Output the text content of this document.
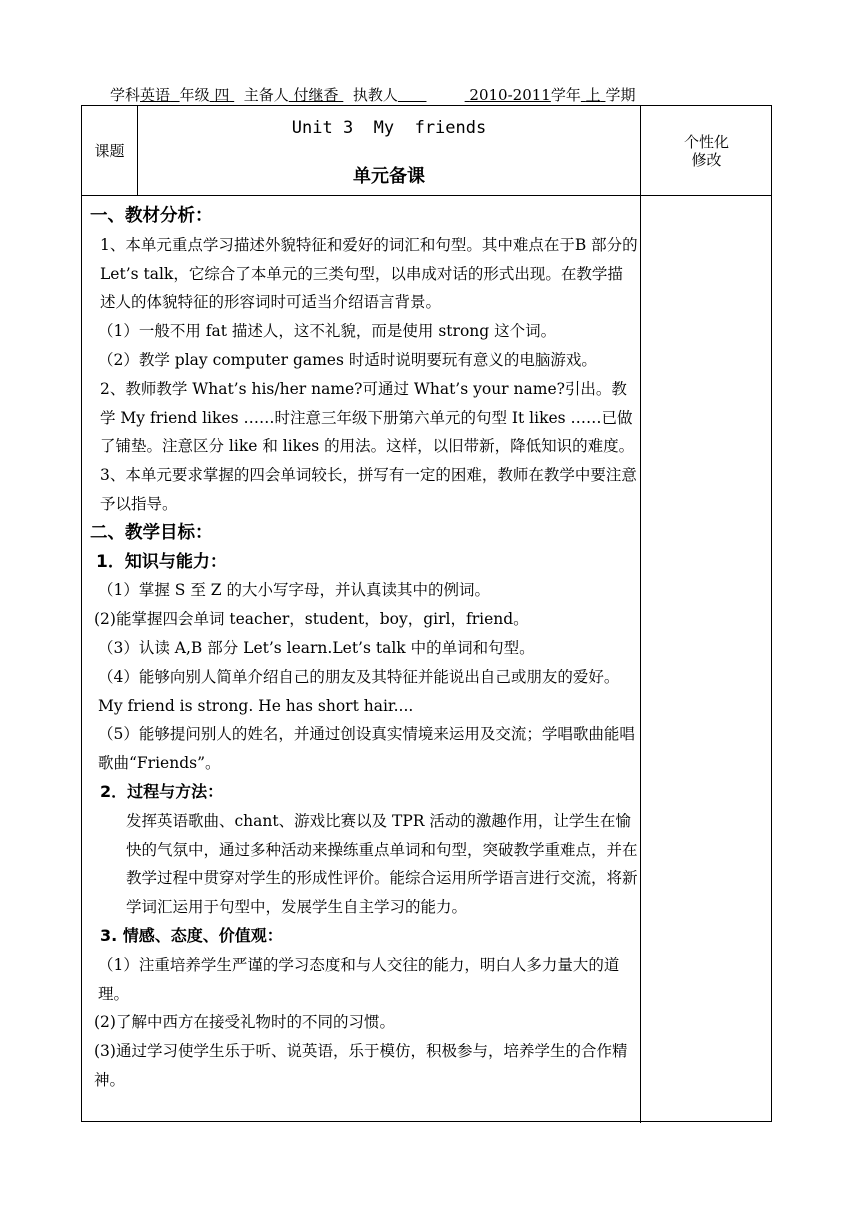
学科英语 年级 四 主备人 付继香 执教人	2010-2011学年 上 学期
课题
Unit 3  My  friends
单元备课
个性化
修改

一、教材分析：

1、本单元重点学习描述外貌特征和爱好的词汇和句型。其中难点在于B 部分的 Let’s talk，它综合了本单元的三类句型，以串成对话的形式出现。在教学描述人的体貌特征的形容词时可适当介绍语言背景。

（1）一般不用 fat 描述人，这不礼貌，而是使用 strong 这个词。

（2）教学 play computer games 时适时说明要玩有意义的电脑游戏。

2、教师教学 What’s his/her name?可通过 What’s your name?引出。教学 My friend likes ……时注意三年级下册第六单元的句型 It likes ……已做了铺垫。注意区分 like 和 likes 的用法。这样，以旧带新，降低知识的难度。

3、本单元要求掌握的四会单词较长，拼写有一定的困难，教师在教学中要注意予以指导。

二、教学目标：

1．知识与能力：

（1）掌握 S 至 Z 的大小写字母，并认真读其中的例词。

(2)能掌握四会单词 teacher，student，boy，girl，friend。

（3）认读 A,B 部分 Let’s learn.Let’s talk 中的单词和句型。

（4）能够向别人简单介绍自己的朋友及其特征并能说出自己或朋友的爱好。My friend is strong. He has short hair....

（5）能够提问别人的姓名，并通过创设真实情境来运用及交流；学唱歌曲能唱歌曲“Friends”。

2．过程与方法：

发挥英语歌曲、chant、游戏比赛以及 TPR 活动的激趣作用，让学生在愉快的气氛中，通过多种活动来操练重点单词和句型，突破教学重难点，并在教学过程中贯穿对学生的形成性评价。能综合运用所学语言进行交流，将新学词汇运用于句型中，发展学生自主学习的能力。

3. 情感、态度、价值观：

（1）注重培养学生严谨的学习态度和与人交往的能力，明白人多力量大的道理。

(2)了解中西方在接受礼物时的不同的习惯。

(3)通过学习使学生乐于听、说英语，乐于模仿，积极参与，培养学生的合作精神。
